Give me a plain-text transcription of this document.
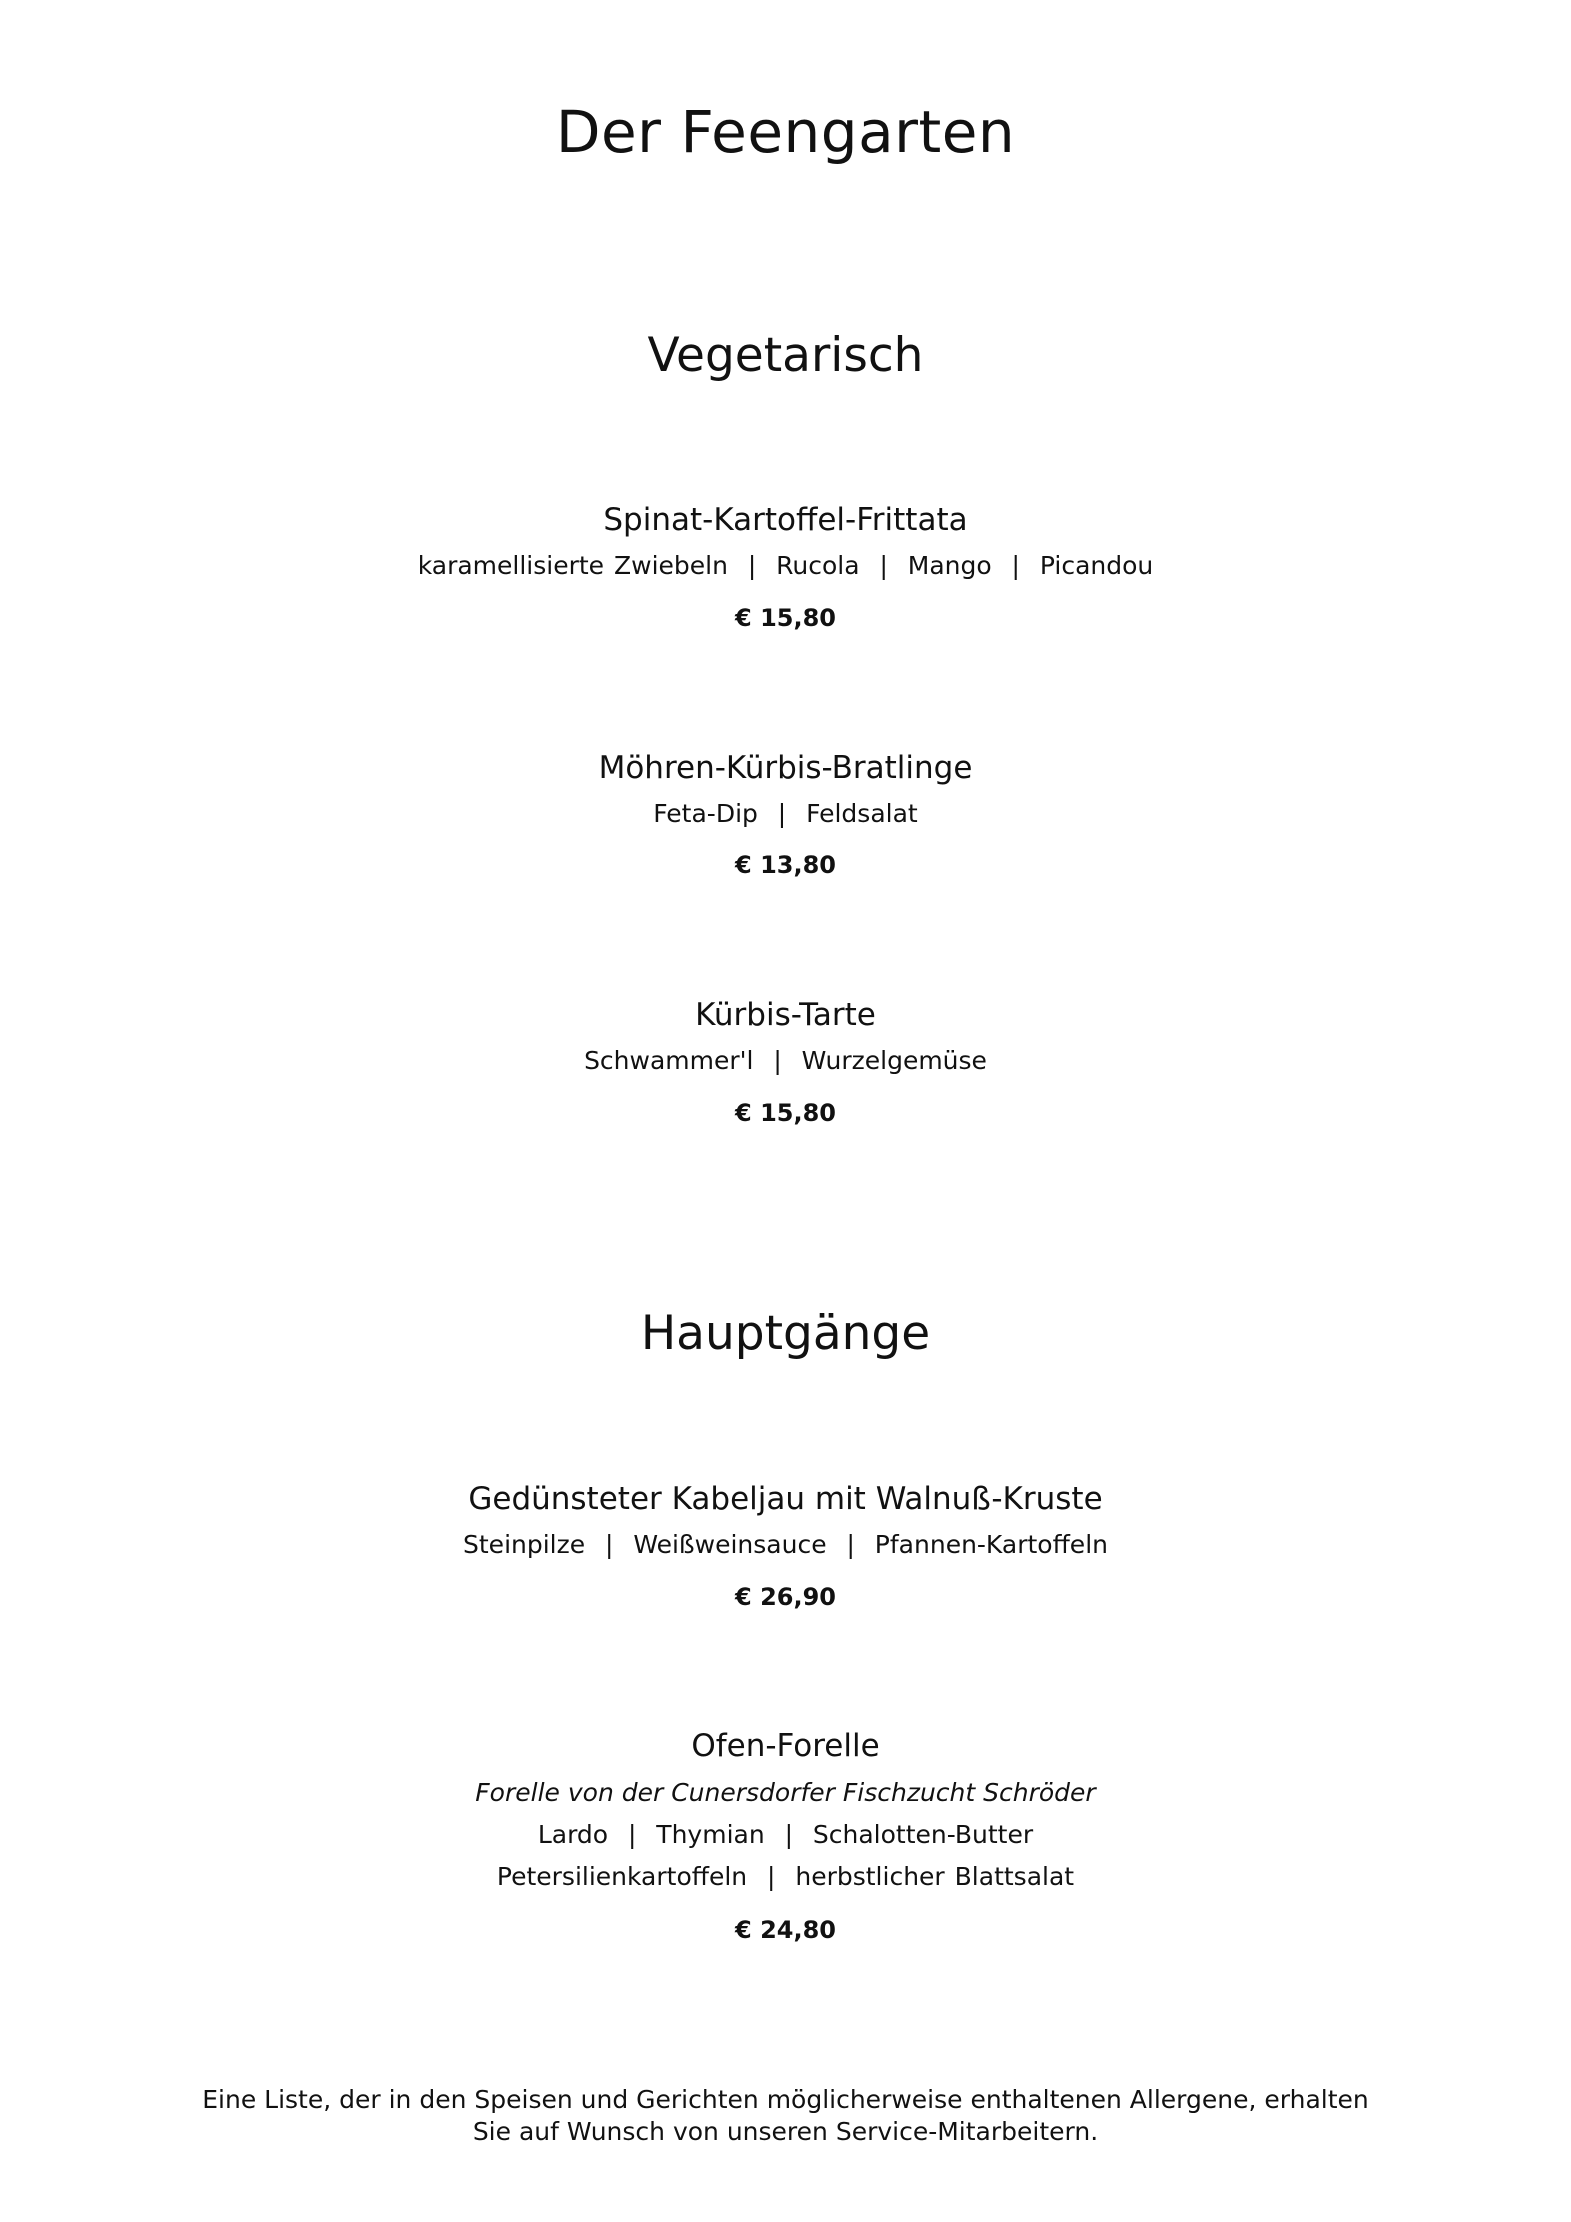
Der Feengarten
Vegetarisch
Spinat-Kartoffel-Frittata
karamellisierte Zwiebeln  |  Rucola  |  Mango  |  Picandou
€ 15,80
Möhren-Kürbis-Bratlinge
Feta-Dip  |  Feldsalat
€ 13,80
Kürbis-Tarte
Schwammer'l  |  Wurzelgemüse
€ 15,80
Hauptgänge
Gedünsteter Kabeljau mit Walnuß-Kruste
Steinpilze  |  Weißweinsauce  |  Pfannen-Kartoffeln
€ 26,90
Ofen-Forelle
Forelle von der Cunersdorfer Fischzucht Schröder
Lardo  |  Thymian  |  Schalotten-Butter
Petersilienkartoffeln  |  herbstlicher Blattsalat
€ 24,80
Eine Liste, der in den Speisen und Gerichten möglicherweise enthaltenen Allergene, erhalten
Sie auf Wunsch von unseren Service-Mitarbeitern.
